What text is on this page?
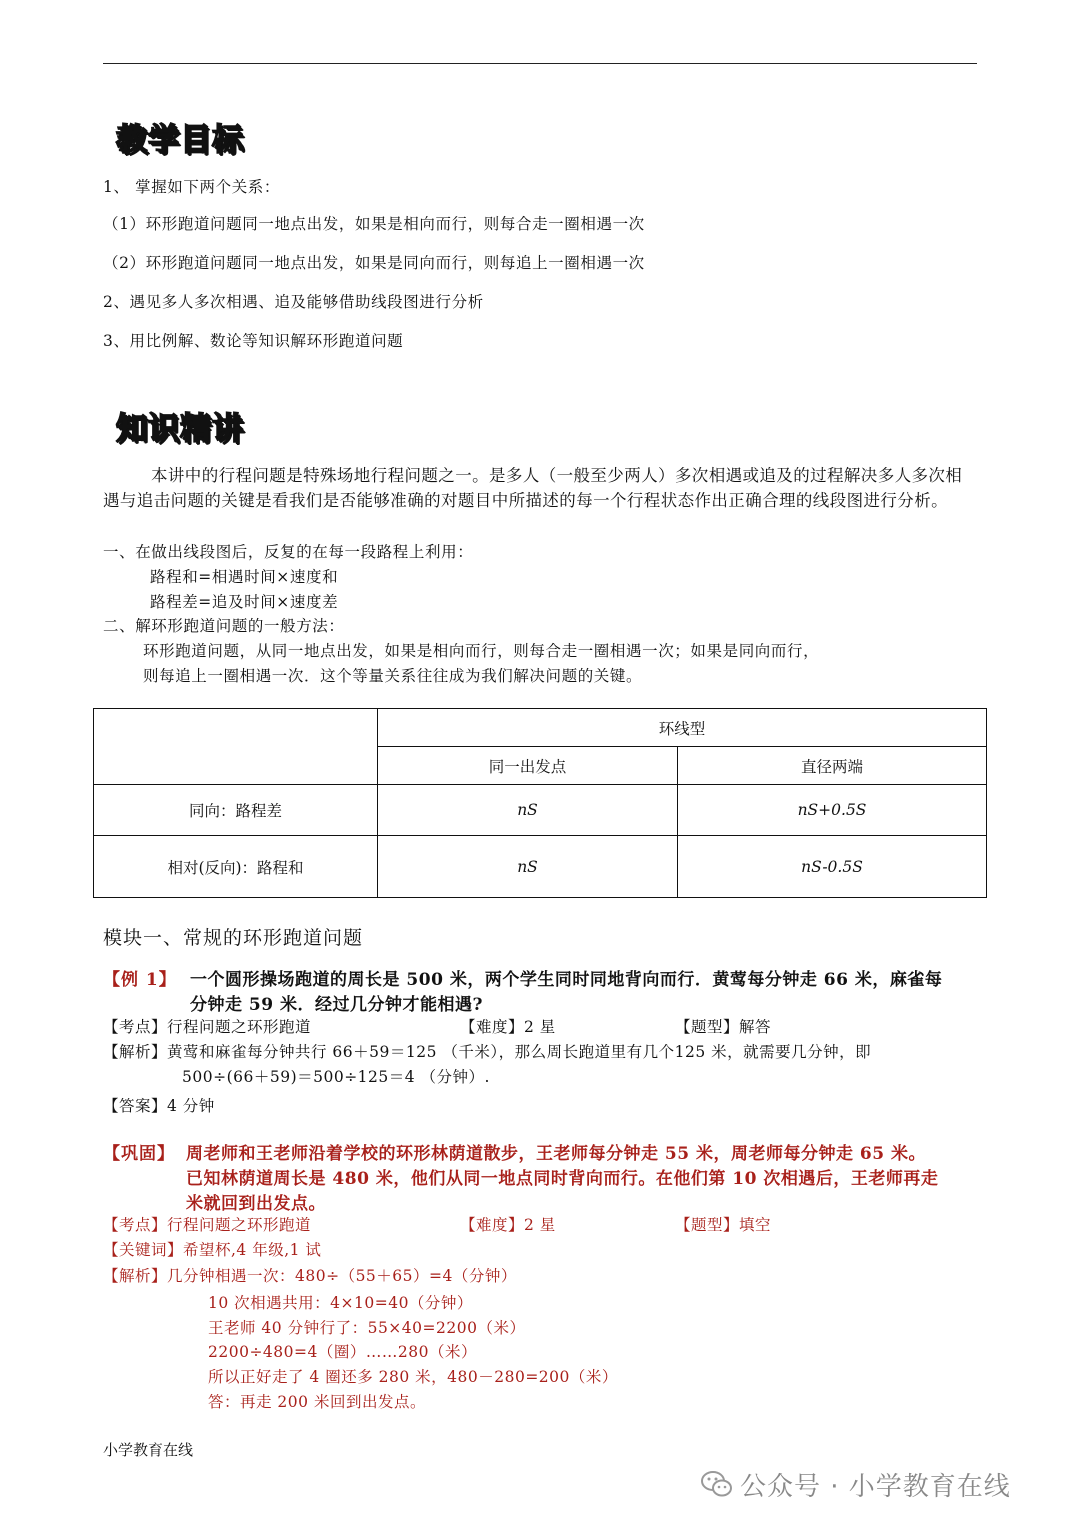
教学目标
1、 掌握如下两个关系：
（1）环形跑道问题同一地点出发，如果是相向而行，则每合走一圈相遇一次
（2）环形跑道问题同一地点出发，如果是同向而行，则每追上一圈相遇一次
2、遇见多人多次相遇、追及能够借助线段图进行分析
3、用比例解、数论等知识解环形跑道问题
知识精讲
本讲中的行程问题是特殊场地行程问题之一。是多人（一般至少两人）多次相遇或追及的过程解决多人多次相遇与追击问题的关键是看我们是否能够准确的对题目中所描述的每一个行程状态作出正确合理的线段图进行分析。
一、在做出线段图后，反复的在每一段路程上利用：
路程和=相遇时间×速度和
路程差=追及时间×速度差
二、解环形跑道问题的一般方法：
环形跑道问题，从同一地点出发，如果是相向而行，则每合走一圈相遇一次；如果是同向而行，
则每追上一圈相遇一次．这个等量关系往往成为我们解决问题的关键。
	环线型	
	同一出发点	直径两端
同向：路程差	nS	nS+0.5S
相对(反向)：路程和	nS	nS-0.5S
模块一、常规的环形跑道问题
【例 1】 一个圆形操场跑道的周长是 500 米，两个学生同时同地背向而行．黄莺每分钟走 66 米，麻雀每
分钟走 59 米．经过几分钟才能相遇?
【考点】行程问题之环形跑道	【难度】2 星	【题型】解答
【解析】黄莺和麻雀每分钟共行 66＋59＝125 （千米），那么周长跑道里有几个125 米，就需要几分钟，即
500÷(66＋59)＝500÷125＝4 （分钟）.
【答案】4 分钟
【巩固】 周老师和王老师沿着学校的环形林荫道散步，王老师每分钟走 55 米，周老师每分钟走 65 米。
已知林荫道周长是 480 米，他们从同一地点同时背向而行。在他们第 10 次相遇后，王老师再走
米就回到出发点。
【考点】行程问题之环形跑道	【难度】2 星	【题型】填空
【关键词】希望杯,4 年级,1 试
【解析】几分钟相遇一次：480÷（55＋65）=4（分钟）
10 次相遇共用：4×10=40（分钟）
王老师 40 分钟行了：55×40=2200（米）
2200÷480=4（圈）……280（米）
所以正好走了 4 圈还多 280 米，480－280=200（米）
答：再走 200 米回到出发点。
小学教育在线
公众号 · 小学教育在线
